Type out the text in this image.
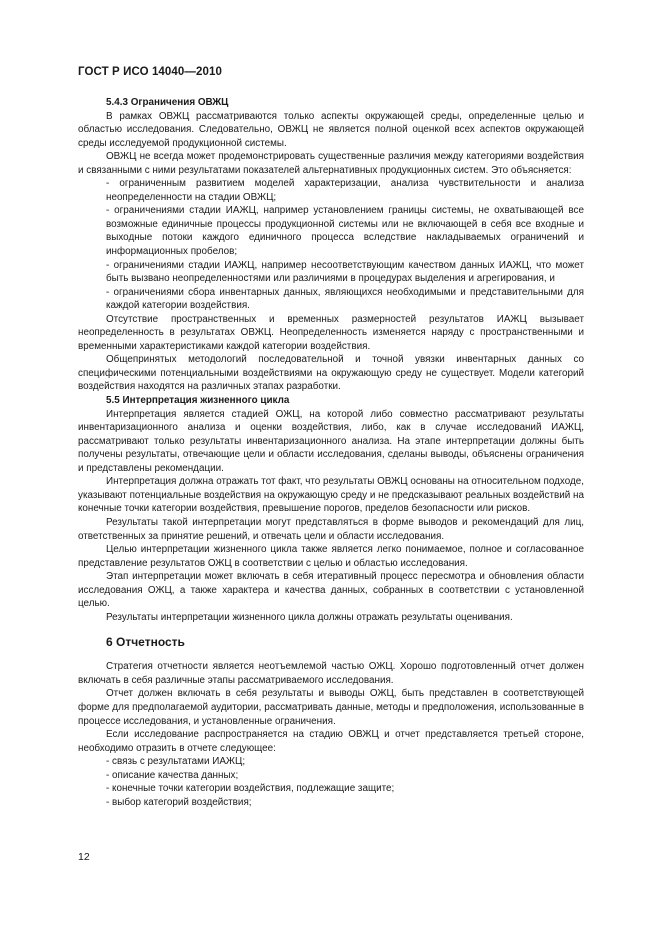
ГОСТ Р ИСО 14040—2010

5.4.3 Ограничения ОВЖЦ

В рамках ОВЖЦ рассматриваются только аспекты окружающей среды, определенные целью и областью исследования. Следовательно, ОВЖЦ не является полной оценкой всех аспектов окружающей среды исследуемой продукционной системы.

ОВЖЦ не всегда может продемонстрировать существенные различия между категориями воздействия и связанными с ними результатами показателей альтернативных продукционных систем. Это объясняется:

- ограниченным развитием моделей характеризации, анализа чувствительности и анализа неопределенности на стадии ОВЖЦ;

- ограничениями стадии ИАЖЦ, например установлением границы системы, не охватывающей все возможные единичные процессы продукционной системы или не включающей в себя все входные и выходные потоки каждого единичного процесса вследствие накладываемых ограничений и информационных пробелов;

- ограничениями стадии ИАЖЦ, например несоответствующим качеством данных ИАЖЦ, что может быть вызвано неопределенностями или различиями в процедурах выделения и агрегирования, и

- ограничениями сбора инвентарных данных, являющихся необходимыми и представительными для каждой категории воздействия.

Отсутствие пространственных и временных размерностей результатов ИАЖЦ вызывает неопределенность в результатах ОВЖЦ. Неопределенность изменяется наряду с пространственными и временными характеристиками каждой категории воздействия.

Общепринятых методологий последовательной и точной увязки инвентарных данных со специфическими потенциальными воздействиями на окружающую среду не существует. Модели категорий воздействия находятся на различных этапах разработки.

5.5 Интерпретация жизненного цикла

Интерпретация является стадией ОЖЦ, на которой либо совместно рассматривают результаты инвентаризационного анализа и оценки воздействия, либо, как в случае исследований ИАЖЦ, рассматривают только результаты инвентаризационного анализа. На этапе интерпретации должны быть получены результаты, отвечающие цели и области исследования, сделаны выводы, объяснены ограничения и представлены рекомендации.

Интерпретация должна отражать тот факт, что результаты ОВЖЦ основаны на относительном подходе, указывают потенциальные воздействия на окружающую среду и не предсказывают реальных воздействий на конечные точки категории воздействия, превышение порогов, пределов безопасности или рисков.

Результаты такой интерпретации могут представляться в форме выводов и рекомендаций для лиц, ответственных за принятие решений, и отвечать цели и области исследования.

Целью интерпретации жизненного цикла также является легко понимаемое, полное и согласованное представление результатов ОЖЦ в соответствии с целью и областью исследования.

Этап интерпретации может включать в себя итеративный процесс пересмотра и обновления области исследования ОЖЦ, а также характера и качества данных, собранных в соответствии с установленной целью.

Результаты интерпретации жизненного цикла должны отражать результаты оценивания.

6 Отчетность

Стратегия отчетности является неотъемлемой частью ОЖЦ. Хорошо подготовленный отчет должен включать в себя различные этапы рассматриваемого исследования.

Отчет должен включать в себя результаты и выводы ОЖЦ, быть представлен в соответствующей форме для предполагаемой аудитории, рассматривать данные, методы и предположения, использованные в процессе исследования, и установленные ограничения.

Если исследование распространяется на стадию ОВЖЦ и отчет представляется третьей стороне, необходимо отразить в отчете следующее:

- связь с результатами ИАЖЦ;

- описание качества данных;

- конечные точки категории воздействия, подлежащие защите;

- выбор категорий воздействия;

12
